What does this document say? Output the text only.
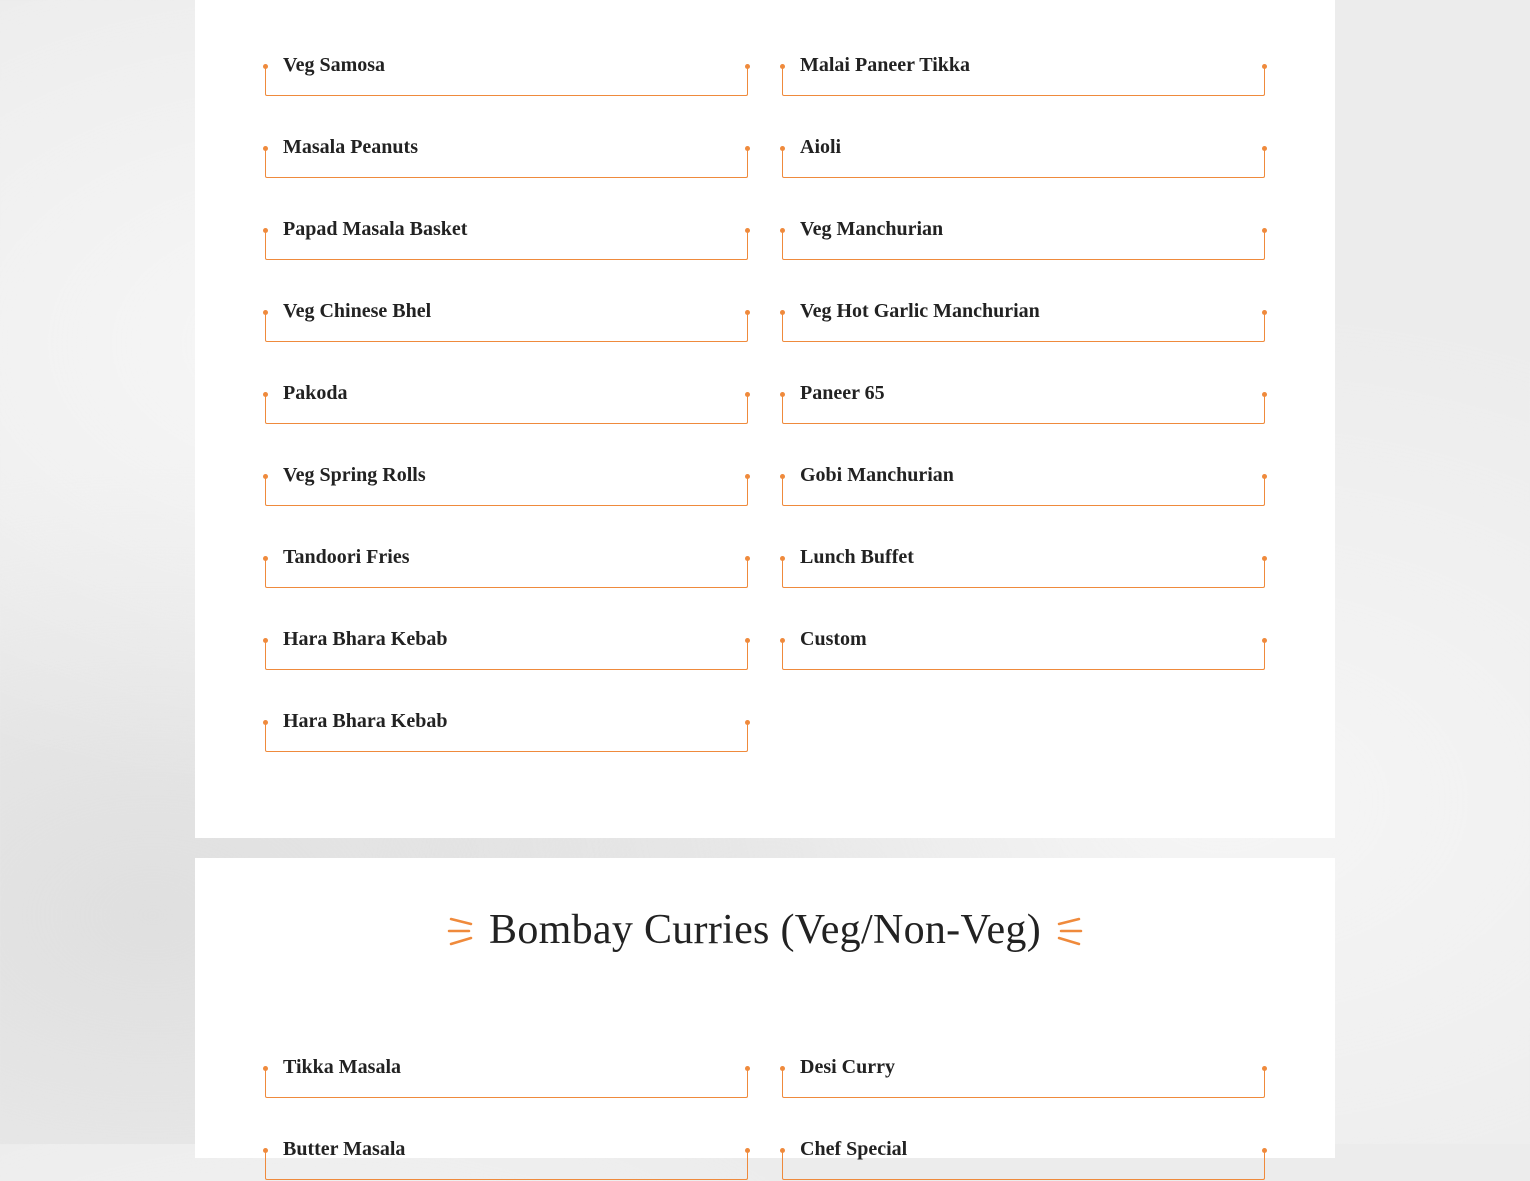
Veg Samosa
Masala Peanuts
Papad Masala Basket
Veg Chinese Bhel
Pakoda
Veg Spring Rolls
Tandoori Fries
Hara Bhara Kebab
Hara Bhara Kebab
Malai Paneer Tikka
Aioli
Veg Manchurian
Veg Hot Garlic Manchurian
Paneer 65
Gobi Manchurian
Lunch Buffet
Custom
Bombay Curries (Veg/Non-Veg)
Tikka Masala	Desi Curry
Butter Masala	Chef Special
